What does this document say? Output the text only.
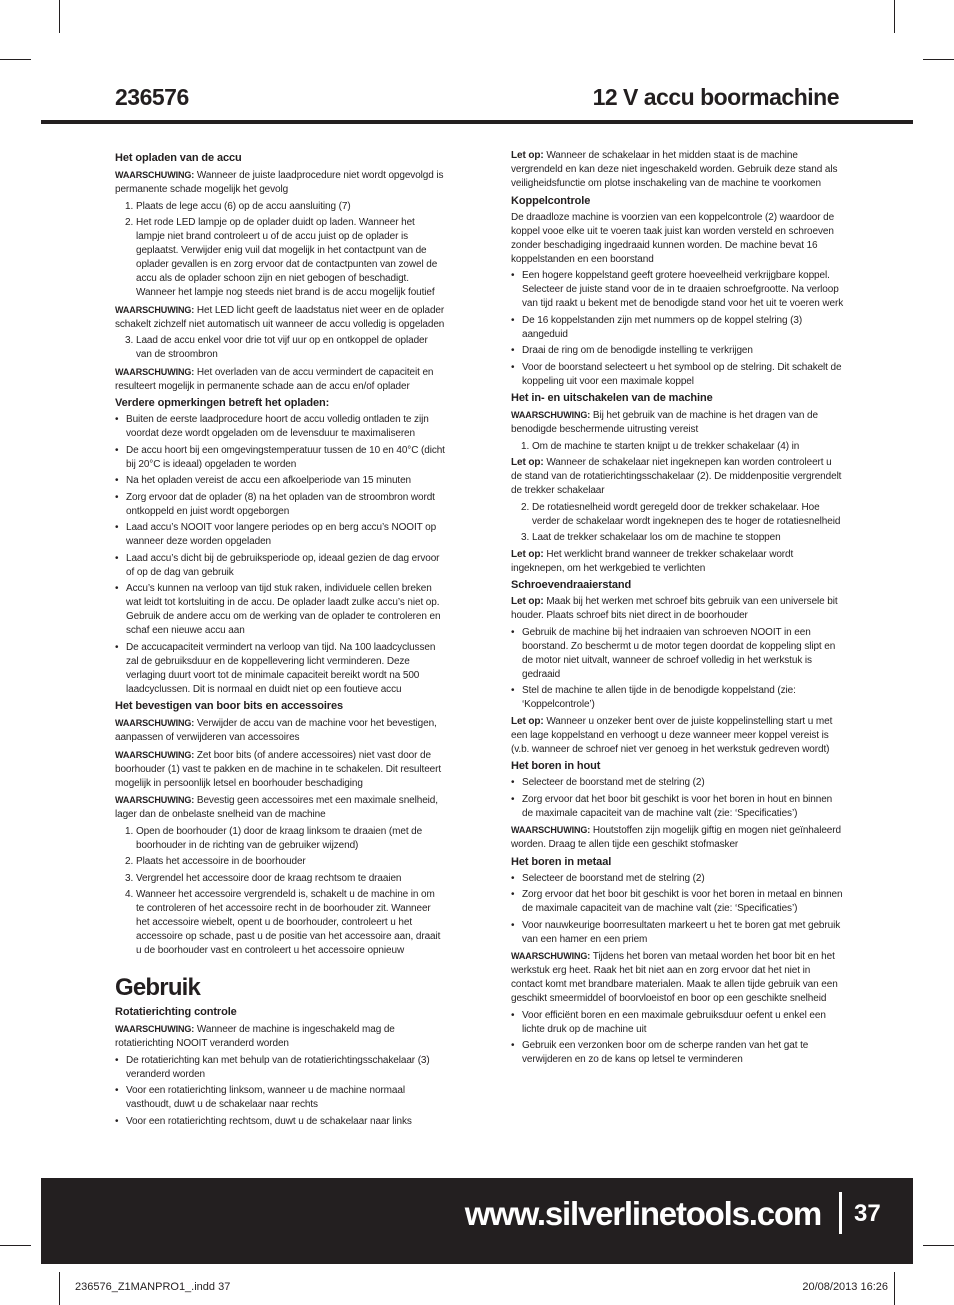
236576	12 V accu boormachine
Het opladen van de accu

WAARSCHUWING: Wanneer de juiste laadprocedure niet wordt opgevolgd is permanente schade mogelijk het gevolg

1. Plaats de lege accu (6) op de accu aansluiting (7)
2. Het rode LED lampje op de oplader duidt op laden. Wanneer het lampje niet brand controleert u of de accu juist op de oplader is geplaatst. Verwijder enig vuil dat mogelijk in het contactpunt van de oplader gevallen is en zorg ervoor dat de contactpunten van zowel de accu als de oplader schoon zijn en niet gebogen of beschadigt. Wanneer het lampje nog steeds niet brand is de accu mogelijk foutief

WAARSCHUWING: Het LED licht geeft de laadstatus niet weer en de oplader schakelt zichzelf niet automatisch uit wanneer de accu volledig is opgeladen

3. Laad de accu enkel voor drie tot vijf uur op en ontkoppel de oplader van de stroombron

WAARSCHUWING: Het overladen van de accu vermindert de capaciteit en resulteert mogelijk in permanente schade aan de accu en/of oplader

Verdere opmerkingen betreft het opladen:
• Buiten de eerste laadprocedure hoort de accu volledig ontladen te zijn voordat deze wordt opgeladen om de levensduur te maximaliseren
• De accu hoort bij een omgevingstemperatuur tussen de 10 en 40°C (dicht bij 20°C is ideaal) opgeladen te worden
• Na het opladen vereist de accu een afkoelperiode van 15 minuten
• Zorg ervoor dat de oplader (8) na het opladen van de stroombron wordt ontkoppeld en juist wordt opgeborgen
• Laad accu’s NOOIT voor langere periodes op en berg accu’s NOOIT op wanneer deze worden opgeladen
• Laad accu’s dicht bij de gebruiksperiode op, ideaal gezien de dag ervoor of op de dag van gebruik
• Accu’s kunnen na verloop van tijd stuk raken, individuele cellen breken wat leidt tot kortsluiting in de accu. De oplader laadt zulke accu’s niet op. Gebruik de andere accu om de werking van de oplader te controleren en schaf een nieuwe accu aan
• De accucapaciteit vermindert na verloop van tijd. Na 100 laadcyclussen zal de gebruiksduur en de koppellevering licht verminderen. Deze verlaging duurt voort tot de minimale capaciteit bereikt wordt na 500 laadcyclussen. Dit is normaal en duidt niet op een foutieve accu
Het bevestigen van boor bits en accessoires

WAARSCHUWING: Verwijder de accu van de machine voor het bevestigen, aanpassen of verwijderen van accessoires

WAARSCHUWING: Zet boor bits (of andere accessoires) niet vast door de boorhouder (1) vast te pakken en de machine in te schakelen. Dit resulteert mogelijk in persoonlijk letsel en boorhouder beschadiging

WAARSCHUWING: Bevestig geen accessoires met een maximale snelheid, lager dan de onbelaste snelheid van de machine

1. Open de boorhouder (1) door de kraag linksom te draaien (met de boorhouder in de richting van de gebruiker wijzend)
2. Plaats het accessoire in de boorhouder
3. Vergrendel het accessoire door de kraag rechtsom te draaien
4. Wanneer het accessoire vergrendeld is, schakelt u de machine in om te controleren of het accessoire recht in de boorhouder zit. Wanneer het accessoire wiebelt, opent u de boorhouder, controleert u het accessoire op schade, past u de positie van het accessoire aan, draait u de boorhouder vast en controleert u het accessoire opnieuw
Gebruik
Rotatierichting controle

WAARSCHUWING: Wanneer de machine is ingeschakeld mag de rotatierichting NOOIT veranderd worden

• De rotatierichting kan met behulp van de rotatierichtingsschakelaar (3) veranderd worden
• Voor een rotatierichting linksom, wanneer u de machine normaal vasthoudt, duwt u de schakelaar naar rechts
• Voor een rotatierichting rechtsom, duwt u de schakelaar naar links

Let op: Wanneer de schakelaar in het midden staat is de machine vergrendeld en kan deze niet ingeschakeld worden. Gebruik deze stand als veiligheidsfunctie om plotse inschakeling van de machine te voorkomen

Koppelcontrole

De draadloze machine is voorzien van een koppelcontrole (2) waardoor de koppel vooe elke uit te voeren taak juist kan worden versteld en schroeven zonder beschadiging ingedraaid kunnen worden. De machine bevat 16 koppelstanden en een boorstand

• Een hogere koppelstand geeft grotere hoeveelheid verkrijgbare koppel. Selecteer de juiste stand voor de in te draaien schroefgrootte. Na verloop van tijd raakt u bekent met de benodigde stand voor het uit te voeren werk
• De 16 koppelstanden zijn met nummers op de koppel stelring (3) aangeduid
• Draai de ring om de benodigde instelling te verkrijgen
• Voor de boorstand selecteert u het symbool op de stelring. Dit schakelt de koppeling uit voor een maximale koppel
Het in- en uitschakelen van de machine

WAARSCHUWING: Bij het gebruik van de machine is het dragen van de benodigde beschermende uitrusting vereist

1. Om de machine te starten knijpt u de trekker schakelaar (4) in

Let op: Wanneer de schakelaar niet ingeknepen kan worden controleert u de stand van de rotatierichtingsschakelaar (2). De middenpositie vergrendelt de trekker schakelaar

2. De rotatiesnelheid wordt geregeld door de trekker schakelaar. Hoe verder de schakelaar wordt ingeknepen des te hoger de rotatiesnelheid
3. Laat de trekker schakelaar los om de machine te stoppen

Let op: Het werklicht brand wanneer de trekker schakelaar wordt ingeknepen, om het werkgebied te verlichten

Schroevendraaierstand

Let op: Maak bij het werken met schroef bits gebruik van een universele bit houder. Plaats schroef bits niet direct in de boorhouder

• Gebruik de machine bij het indraaien van schroeven NOOIT in een boorstand. Zo beschermt u de motor tegen doordat de koppeling slipt en de motor niet uitvalt, wanneer de schroef volledig in het werkstuk is gedraaid
• Stel de machine te allen tijde in de benodigde koppelstand (zie: ‘Koppelcontrole’)

Let op: Wanneer u onzeker bent over de juiste koppelinstelling start u met een lage koppelstand en verhoogt u deze wanneer meer koppel vereist is (v.b. wanneer de schroef niet ver genoeg in het werkstuk gedreven wordt)

Het boren in hout
• Selecteer de boorstand met de stelring (2)
• Zorg ervoor dat het boor bit geschikt is voor het boren in hout en binnen de maximale capaciteit van de machine valt (zie: ‘Specificaties’)

WAARSCHUWING: Houtstoffen zijn mogelijk giftig en mogen niet geïnhaleerd worden. Draag te allen tijde een geschikt stofmasker

Het boren in metaal
• Selecteer de boorstand met de stelring (2)
• Zorg ervoor dat het boor bit geschikt is voor het boren in metaal en binnen de maximale capaciteit van de machine valt (zie: ‘Specificaties’)
• Voor nauwkeurige boorresultaten markeert u het te boren gat met gebruik van een hamer en een priem

WAARSCHUWING: Tijdens het boren van metaal worden het boor bit en het werkstuk erg heet. Raak het bit niet aan en zorg ervoor dat het niet in contact komt met brandbare materialen. Maak te allen tijde gebruik van een geschikt smeermiddel of boorvloeistof en boor op een geschikte snelheid

• Voor efficiënt boren en een maximale gebruiksduur oefent u enkel een lichte druk op de machine uit
• Gebruik een verzonken boor om de scherpe randen van het gat te verwijderen en zo de kans op letsel te verminderen
www.silverlinetools.com 37
236576_Z1MANPRO1_.indd 37	20/08/2013 16:26
